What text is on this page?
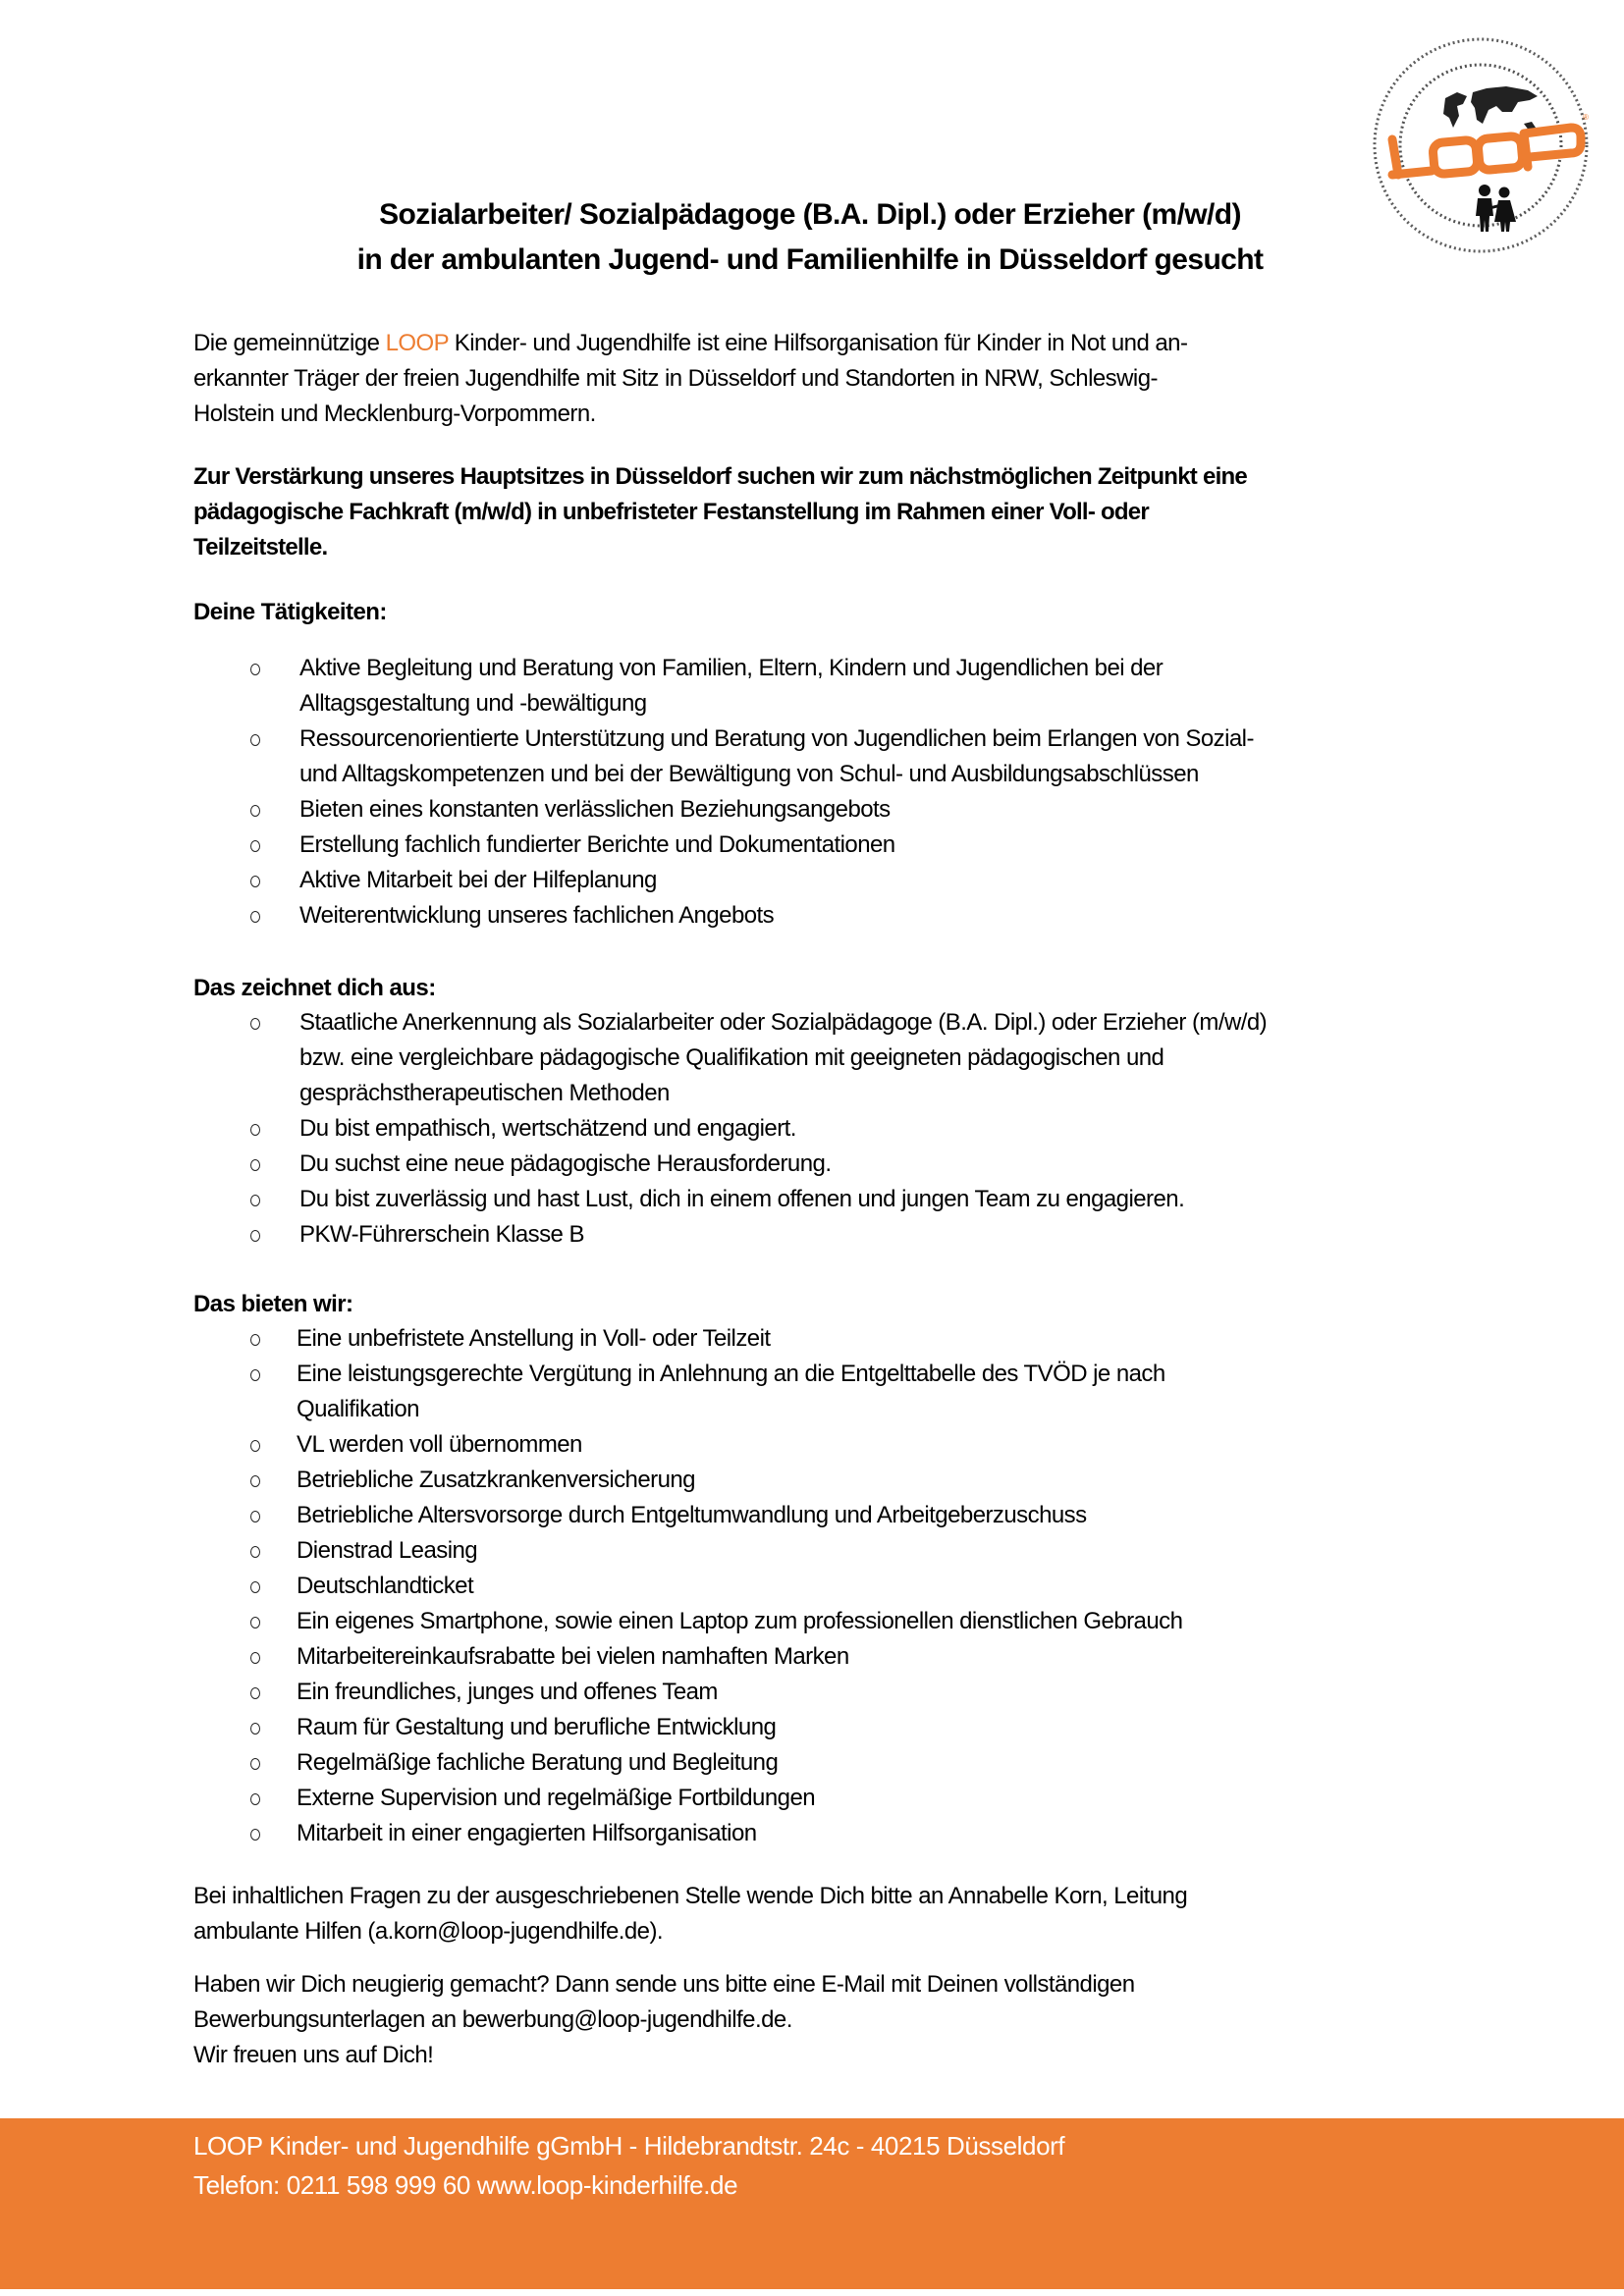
®
Sozialarbeiter/ Sozialpädagoge (B.A. Dipl.) oder Erzieher (m/w/d)
in der ambulanten Jugend- und Familienhilfe in Düsseldorf gesucht
Die gemeinnützige LOOP Kinder- und Jugendhilfe ist eine Hilfsorganisation für Kinder in Not und an-
erkannter Träger der freien Jugendhilfe mit Sitz in Düsseldorf und Standorten in NRW, Schleswig-
Holstein und Mecklenburg-Vorpommern.
Zur Verstärkung unseres Hauptsitzes in Düsseldorf suchen wir zum nächstmöglichen Zeitpunkt eine
pädagogische Fachkraft (m/w/d) in unbefristeter Festanstellung im Rahmen einer Voll- oder
Teilzeitstelle.
Deine Tätigkeiten:
Aktive Begleitung und Beratung von Familien, Eltern, Kindern und Jugendlichen bei der
Alltagsgestaltung und -bewältigung
Ressourcenorientierte Unterstützung und Beratung von Jugendlichen beim Erlangen von Sozial-
und Alltagskompetenzen und bei der Bewältigung von Schul- und Ausbildungsabschlüssen
Bieten eines konstanten verlässlichen Beziehungsangebots
Erstellung fachlich fundierter Berichte und Dokumentationen
Aktive Mitarbeit bei der Hilfeplanung
Weiterentwicklung unseres fachlichen Angebots
Das zeichnet dich aus:
Staatliche Anerkennung als Sozialarbeiter oder Sozialpädagoge (B.A. Dipl.) oder Erzieher (m/w/d)
bzw. eine vergleichbare pädagogische Qualifikation mit geeigneten pädagogischen und
gesprächstherapeutischen Methoden
Du bist empathisch, wertschätzend und engagiert.
Du suchst eine neue pädagogische Herausforderung.
Du bist zuverlässig und hast Lust, dich in einem offenen und jungen Team zu engagieren.
PKW-Führerschein Klasse B
Das bieten wir:
Eine unbefristete Anstellung in Voll- oder Teilzeit
Eine leistungsgerechte Vergütung in Anlehnung an die Entgelttabelle des TVÖD je nach
Qualifikation
VL werden voll übernommen
Betriebliche Zusatzkrankenversicherung
Betriebliche Altersvorsorge durch Entgeltumwandlung und Arbeitgeberzuschuss
Dienstrad Leasing
Deutschlandticket
Ein eigenes Smartphone, sowie einen Laptop zum professionellen dienstlichen Gebrauch
Mitarbeitereinkaufsrabatte bei vielen namhaften Marken
Ein freundliches, junges und offenes Team
Raum für Gestaltung und berufliche Entwicklung
Regelmäßige fachliche Beratung und Begleitung
Externe Supervision und regelmäßige Fortbildungen
Mitarbeit in einer engagierten Hilfsorganisation
Bei inhaltlichen Fragen zu der ausgeschriebenen Stelle wende Dich bitte an Annabelle Korn, Leitung
ambulante Hilfen (a.korn@loop-jugendhilfe.de).
Haben wir Dich neugierig gemacht? Dann sende uns bitte eine E-Mail mit Deinen vollständigen
Bewerbungsunterlagen an bewerbung@loop-jugendhilfe.de.
Wir freuen uns auf Dich!
LOOP Kinder- und Jugendhilfe gGmbH - Hildebrandtstr. 24c - 40215 Düsseldorf
Telefon: 0211 598 999 60 www.loop-kinderhilfe.de
